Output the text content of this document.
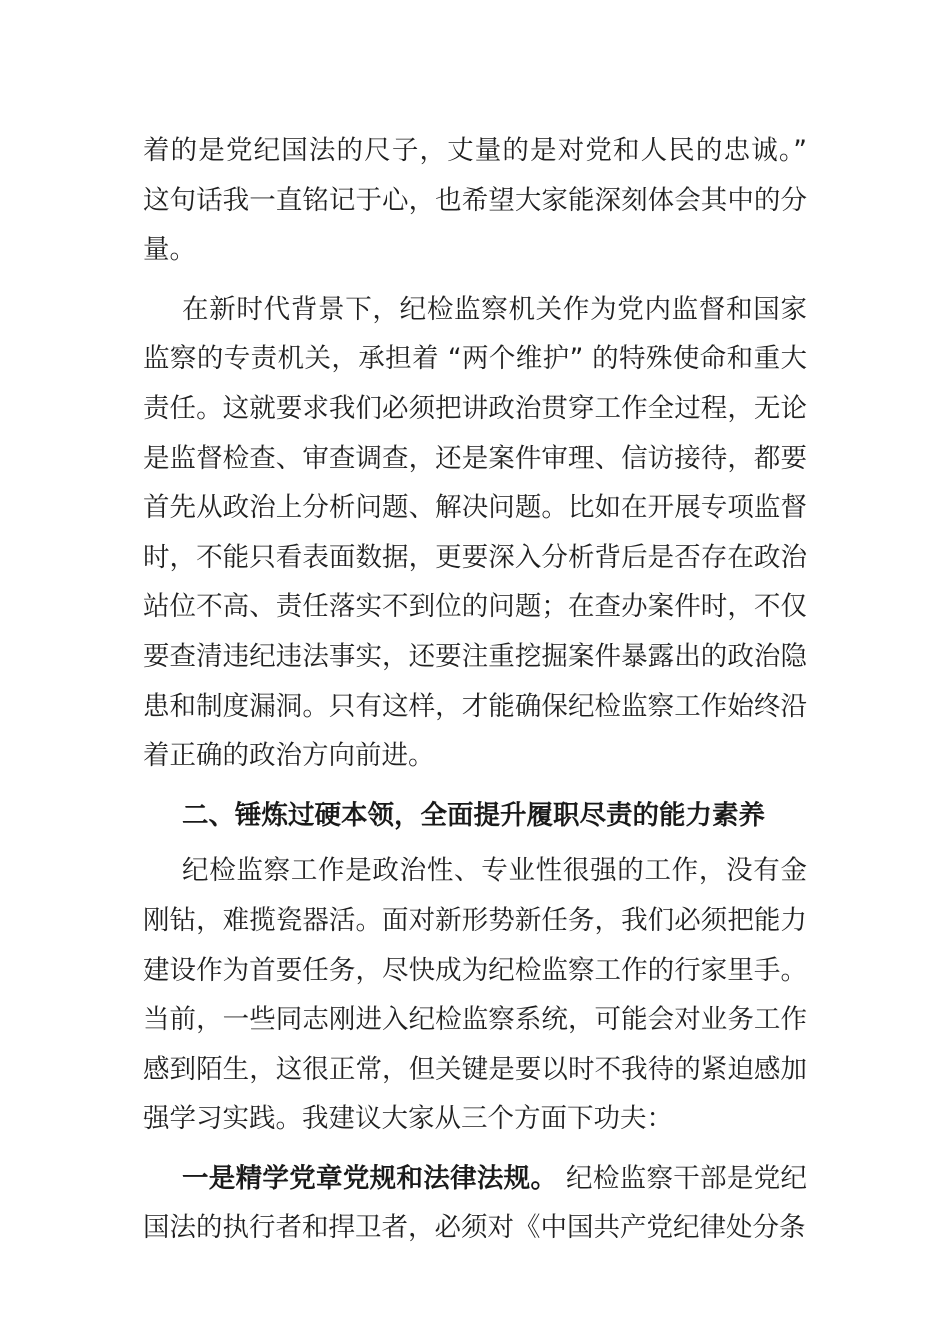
着的是党纪国法的尺子，丈量的是对党和人民的忠诚。” 这句话我一直铭记于心，也希望大家能深刻体会其中的分量。

在新时代背景下，纪检监察机关作为党内监督和国家监察的专责机关，承担着 “两个维护” 的特殊使命和重大责任。这就要求我们必须把讲政治贯穿工作全过程，无论是监督检查、审查调查，还是案件审理、信访接待，都要首先从政治上分析问题、解决问题。比如在开展专项监督时，不能只看表面数据，更要深入分析背后是否存在政治站位不高、责任落实不到位的问题；在查办案件时，不仅要查清违纪违法事实，还要注重挖掘案件暴露出的政治隐患和制度漏洞。只有这样，才能确保纪检监察工作始终沿着正确的政治方向前进。

二、锤炼过硬本领，全面提升履职尽责的能力素养

纪检监察工作是政治性、专业性很强的工作，没有金刚钻，难揽瓷器活。面对新形势新任务，我们必须把能力建设作为首要任务，尽快成为纪检监察工作的行家里手。当前，一些同志刚进入纪检监察系统，可能会对业务工作感到陌生，这很正常，但关键是要以时不我待的紧迫感加强学习实践。我建议大家从三个方面下功夫：

一是精学党章党规和法律法规。 纪检监察干部是党纪国法的执行者和捍卫者，必须对《中国共产党纪律处分条
